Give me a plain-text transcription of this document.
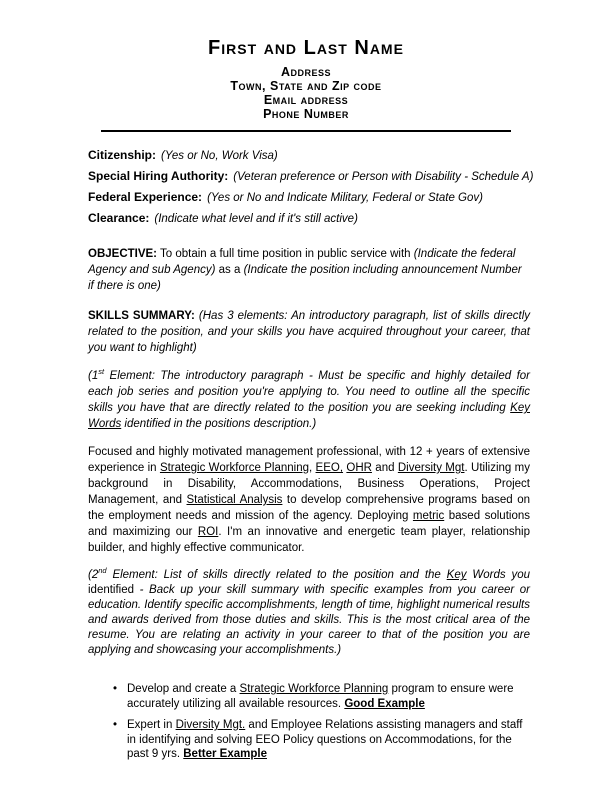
First and Last Name
Address
Town, State and Zip code
Email address
Phone Number
Citizenship: (Yes or No, Work Visa)
Special Hiring Authority: (Veteran preference or Person with Disability - Schedule A)
Federal Experience: (Yes or No and Indicate Military, Federal or State Gov)
Clearance: (Indicate what level and if it's still active)

OBJECTIVE: To obtain a full time position in public service with (Indicate the federal Agency and sub Agency) as a (Indicate the position including announcement Number if there is one)

SKILLS SUMMARY: (Has 3 elements: An introductory paragraph, list of skills directly related to the position, and your skills you have acquired throughout your career, that you want to highlight)

(1st Element: The introductory paragraph - Must be specific and highly detailed for each job series and position you're applying to. You need to outline all the specific skills you have that are directly related to the position you are seeking including Key Words identified in the positions description.)

Focused and highly motivated management professional, with 12 + years of extensive experience in Strategic Workforce Planning, EEO, OHR and Diversity Mgt. Utilizing my background in Disability, Accommodations, Business Operations, Project Management, and Statistical Analysis to develop comprehensive programs based on the employment needs and mission of the agency. Deploying metric based solutions and maximizing our ROI. I'm an innovative and energetic team player, relationship builder, and highly effective communicator.

(2nd Element: List of skills directly related to the position and the Key Words you identified - Back up your skill summary with specific examples from you career or education. Identify specific accomplishments, length of time, highlight numerical results and awards derived from those duties and skills. This is the most critical area of the resume. You are relating an activity in your career to that of the position you are applying and showcasing your accomplishments.)

• Develop and create a Strategic Workforce Planning program to ensure were accurately utilizing all available resources. Good Example

• Expert in Diversity Mgt. and Employee Relations assisting managers and staff in identifying and solving EEO Policy questions on Accommodations, for the past 9 yrs. Better Example
